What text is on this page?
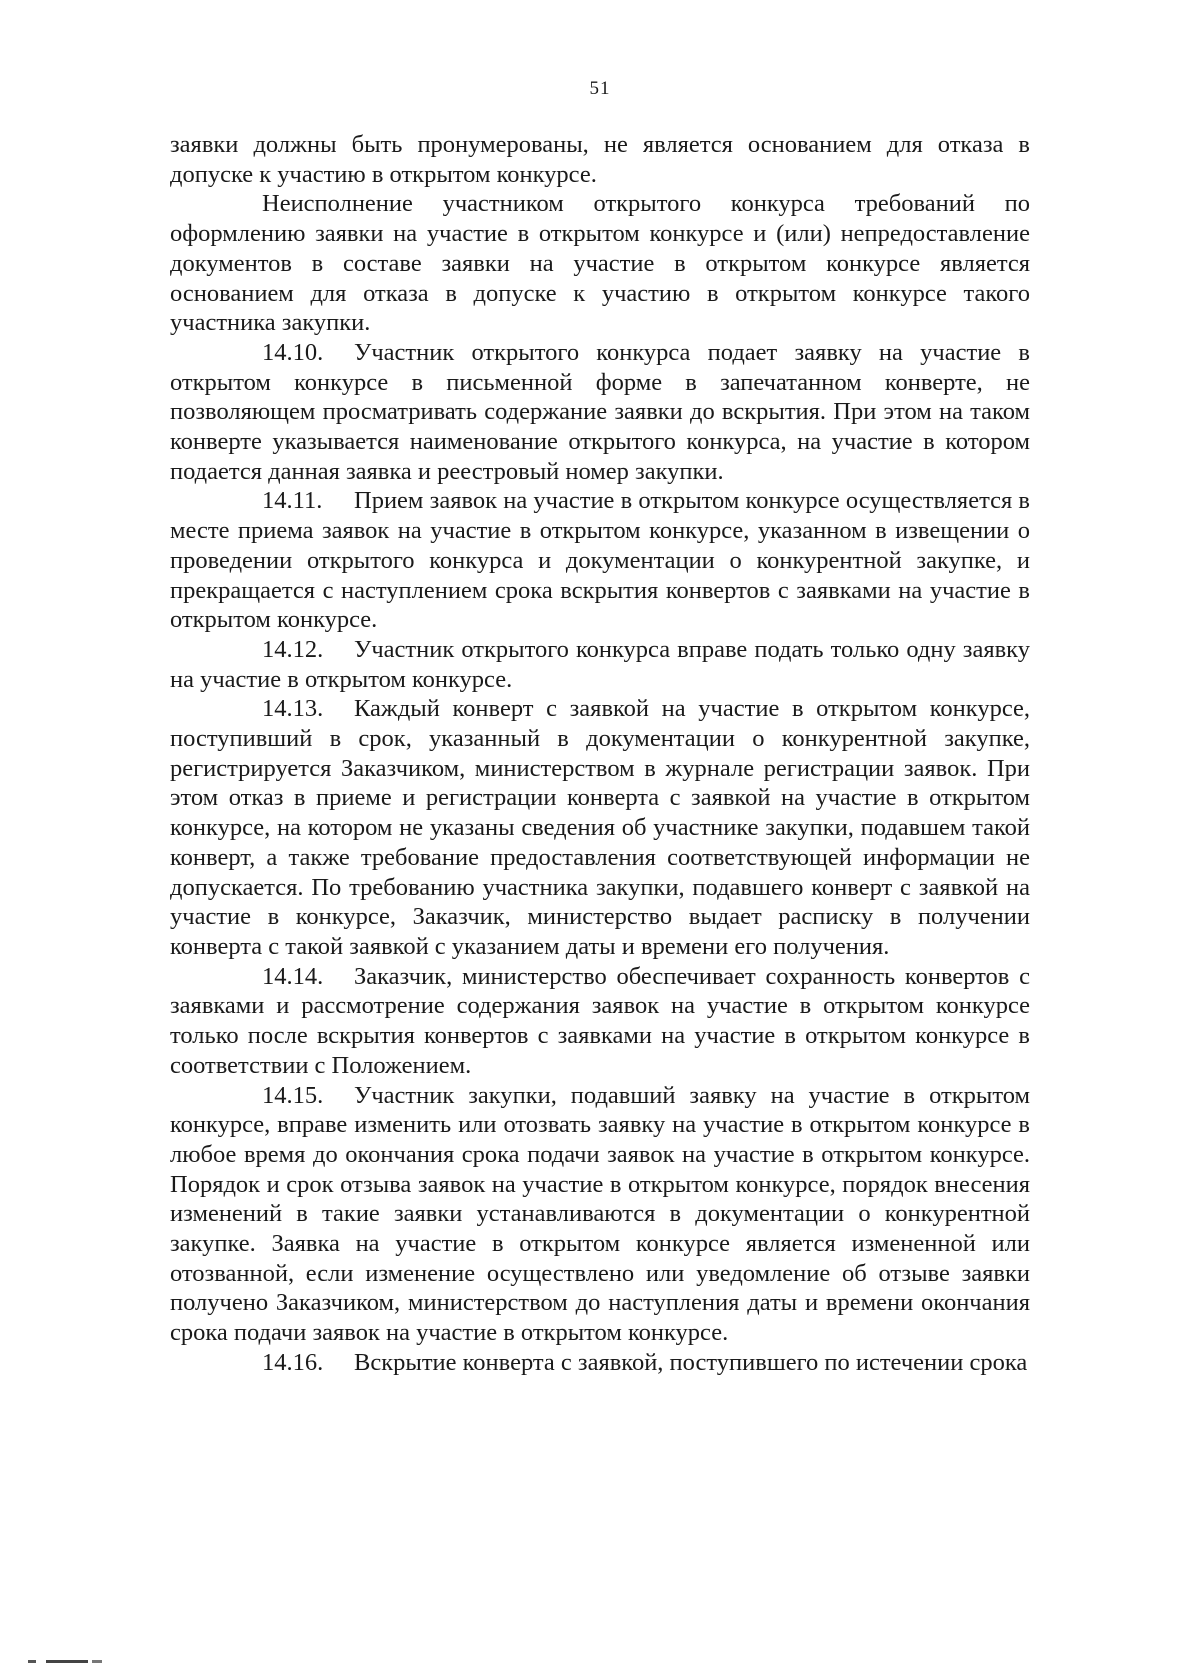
51

заявки должны быть пронумерованы, не является основанием для отказа в допуске к участию в открытом конкурсе.

Неисполнение участником открытого конкурса требований по оформлению заявки на участие в открытом конкурсе и (или) непредоставление документов в составе заявки на участие в открытом конкурсе является основанием для отказа в допуске к участию в открытом конкурсе такого участника закупки.

14.10. Участник открытого конкурса подает заявку на участие в открытом конкурсе в письменной форме в запечатанном конверте, не позволяющем просматривать содержание заявки до вскрытия. При этом на таком конверте указывается наименование открытого конкурса, на участие в котором подается данная заявка и реестровый номер закупки.

14.11. Прием заявок на участие в открытом конкурсе осуществляется в месте приема заявок на участие в открытом конкурсе, указанном в извещении о проведении открытого конкурса и документации о конкурентной закупке, и прекращается с наступлением срока вскрытия конвертов с заявками на участие в открытом конкурсе.

14.12. Участник открытого конкурса вправе подать только одну заявку на участие в открытом конкурсе.

14.13. Каждый конверт с заявкой на участие в открытом конкурсе, поступивший в срок, указанный в документации о конкурентной закупке, регистрируется Заказчиком, министерством в журнале регистрации заявок. При этом отказ в приеме и регистрации конверта с заявкой на участие в открытом конкурсе, на котором не указаны сведения об участнике закупки, подавшем такой конверт, а также требование предоставления соответствующей информации не допускается. По требованию участника закупки, подавшего конверт с заявкой на участие в конкурсе, Заказчик, министерство выдает расписку в получении конверта с такой заявкой с указанием даты и времени его получения.

14.14. Заказчик, министерство обеспечивает сохранность конвертов с заявками и рассмотрение содержания заявок на участие в открытом конкурсе только после вскрытия конвертов с заявками на участие в открытом конкурсе в соответствии с Положением.

14.15. Участник закупки, подавший заявку на участие в открытом конкурсе, вправе изменить или отозвать заявку на участие в открытом конкурсе в любое время до окончания срока подачи заявок на участие в открытом конкурсе. Порядок и срок отзыва заявок на участие в открытом конкурсе, порядок внесения изменений в такие заявки устанавливаются в документации о конкурентной закупке. Заявка на участие в открытом конкурсе является измененной или отозванной, если изменение осуществлено или уведомление об отзыве заявки получено Заказчиком, министерством до наступления даты и времени окончания срока подачи заявок на участие в открытом конкурсе.

14.16. Вскрытие конверта с заявкой, поступившего по истечении срока
